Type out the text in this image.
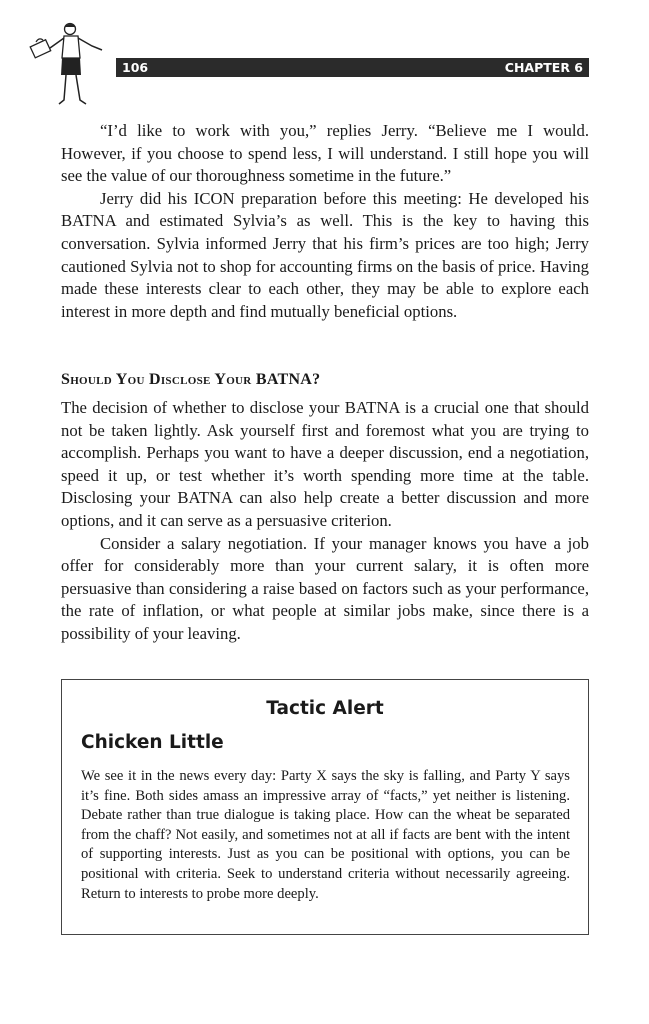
106	CHAPTER 6

“I’d like to work with you,” replies Jerry. “Believe me I would. However, if you choose to spend less, I will understand. I still hope you will see the value of our thoroughness sometime in the future.”

Jerry did his ICON preparation before this meeting: He developed his BATNA and estimated Sylvia’s as well. This is the key to having this conversation. Sylvia informed Jerry that his firm’s prices are too high; Jerry cautioned Sylvia not to shop for accounting firms on the basis of price. Having made these interests clear to each other, they may be able to explore each interest in more depth and find mutually beneficial options.

Should You Disclose Your BATNA?

The decision of whether to disclose your BATNA is a crucial one that should not be taken lightly. Ask yourself first and foremost what you are trying to accomplish. Perhaps you want to have a deeper discussion, end a negotiation, speed it up, or test whether it’s worth spending more time at the table. Disclosing your BATNA can also help create a better discussion and more options, and it can serve as a persuasive criterion.

Consider a salary negotiation. If your manager knows you have a job offer for considerably more than your current salary, it is often more persuasive than considering a raise based on factors such as your performance, the rate of inflation, or what people at similar jobs make, since there is a possibility of your leaving.

Tactic Alert
Chicken Little
We see it in the news every day: Party X says the sky is falling, and Party Y says it’s fine. Both sides amass an impressive array of “facts,” yet neither is listening. Debate rather than true dialogue is taking place. How can the wheat be separated from the chaff? Not easily, and sometimes not at all if facts are bent with the intent of supporting interests. Just as you can be positional with options, you can be positional with criteria. Seek to understand criteria without necessarily agreeing. Return to interests to probe more deeply.
